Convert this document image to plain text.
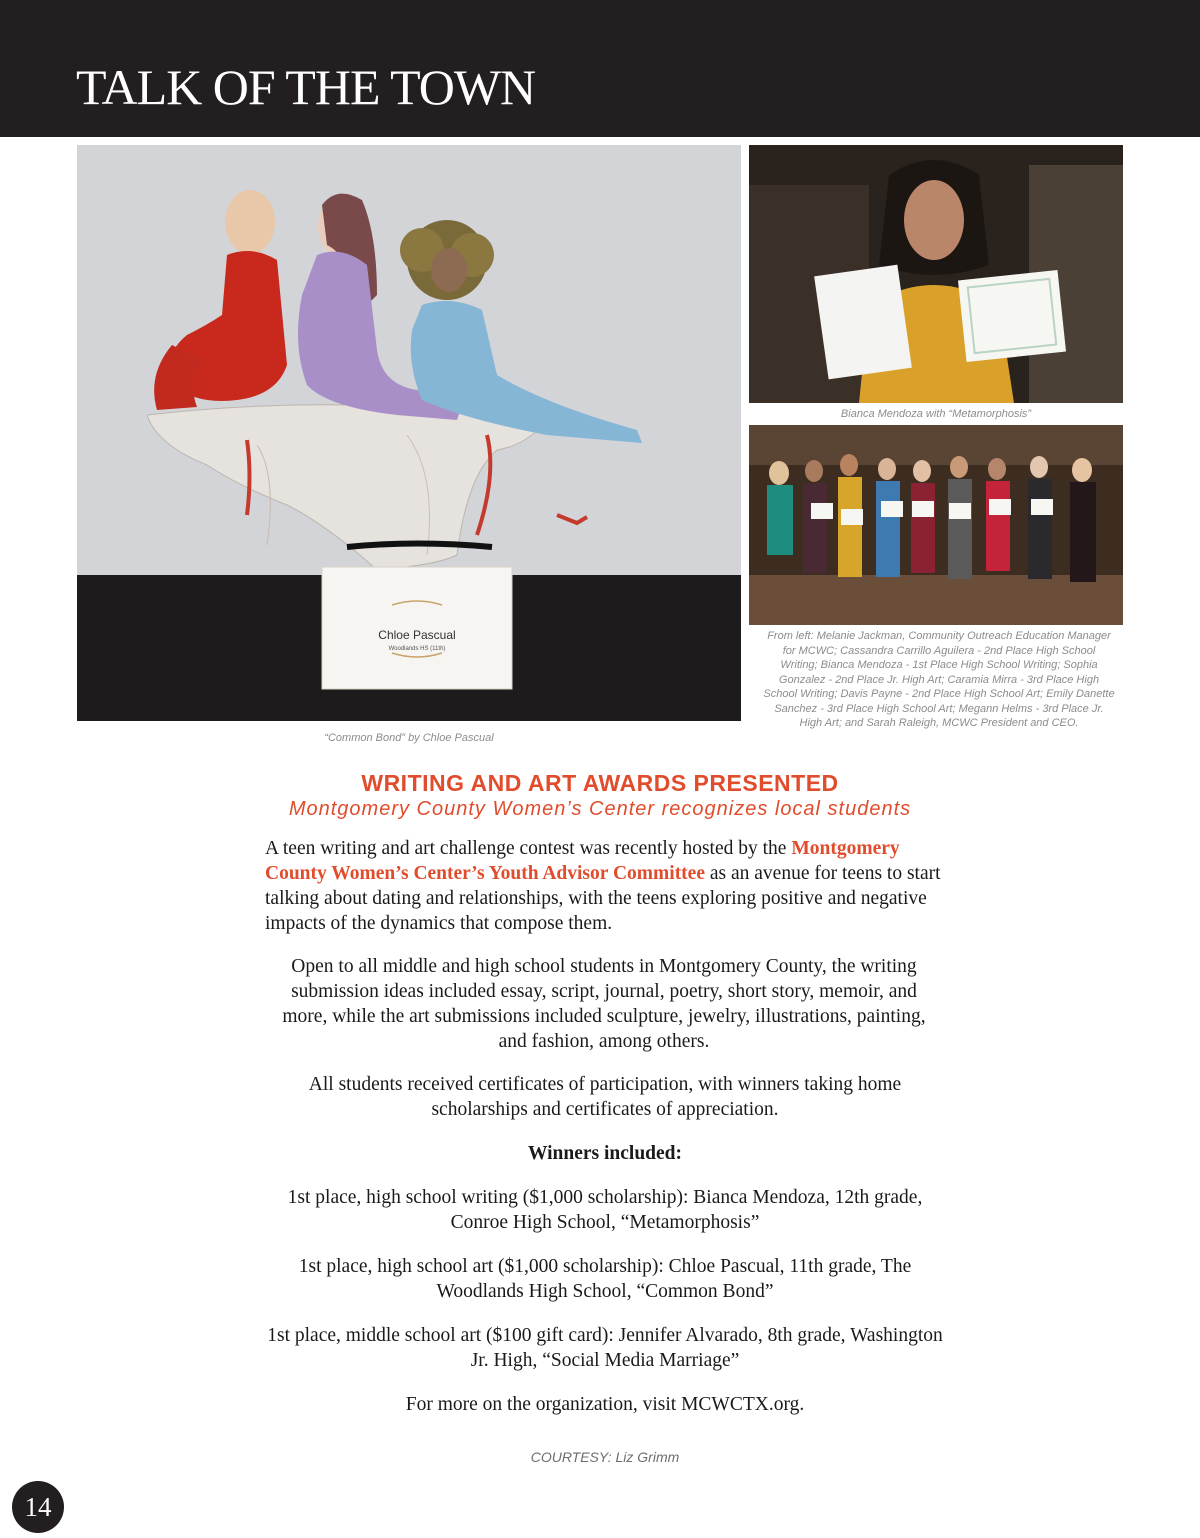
TALK OF THE TOWN
Chloe Pascual
Woodlands HS (11th)
“Common Bond” by Chloe Pascual
Bianca Mendoza with “Metamorphosis”
From left: Melanie Jackman, Community Outreach Education Manager for MCWC; Cassandra Carrillo Aguilera - 2nd Place High School Writing; Bianca Mendoza - 1st Place High School Writing; Sophia Gonzalez - 2nd Place Jr. High Art; Caramia Mirra - 3rd Place High School Writing; Davis Payne - 2nd Place High School Art; Emily Danette Sanchez - 3rd Place High School Art; Megann Helms - 3rd Place Jr. High Art; and Sarah Raleigh, MCWC President and CEO.
WRITING AND ART AWARDS PRESENTED

Montgomery County Women’s Center recognizes local students

A teen writing and art challenge contest was recently hosted by the Montgomery County Women’s Center’s Youth Advisor Committee as an avenue for teens to start talking about dating and relationships, with the teens exploring positive and negative impacts of the dynamics that compose them.

Open to all middle and high school students in Montgomery County, the writing submission ideas included essay, script, journal, poetry, short story, memoir, and more, while the art submissions included sculpture, jewelry, illustrations, painting, and fashion, among others.

All students received certificates of participation, with winners taking home scholarships and certificates of appreciation.

Winners included:

1st place, high school writing ($1,000 scholarship): Bianca Mendoza, 12th grade, Conroe High School, “Metamorphosis”

1st place, high school art ($1,000 scholarship): Chloe Pascual, 11th grade, The Woodlands High School, “Common Bond”

1st place, middle school art ($100 gift card): Jennifer Alvarado, 8th grade, Washington Jr. High, “Social Media Marriage”

For more on the organization, visit MCWCTX.org.

COURTESY: Liz Grimm

14
